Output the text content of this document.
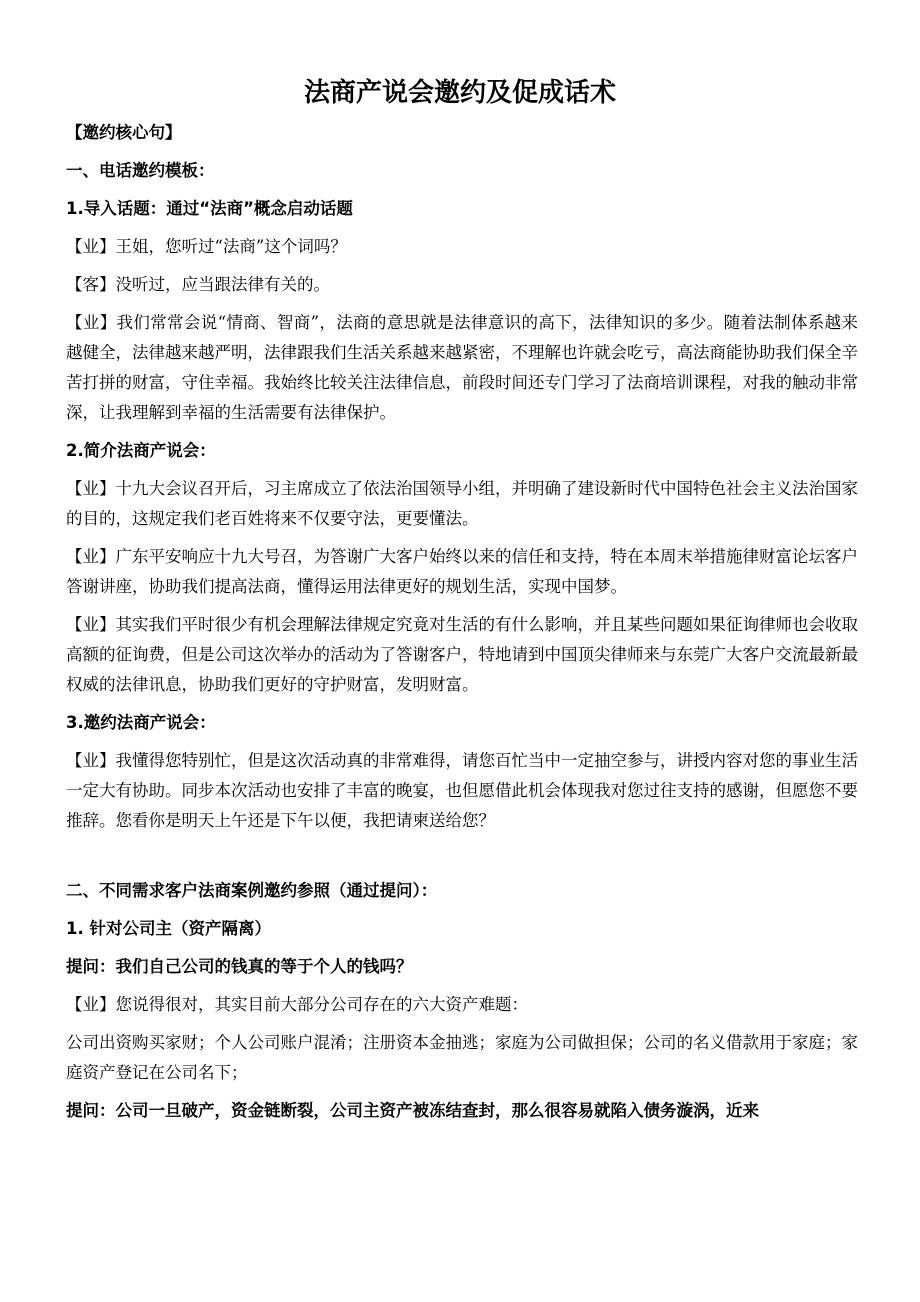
法商产说会邀约及促成话术

【邀约核心句】

一、电话邀约模板：

1.导入话题：通过“法商”概念启动话题

【业】王姐，您听过“法商”这个词吗？

【客】没听过，应当跟法律有关的。

【业】我们常常会说“情商、智商”，法商的意思就是法律意识的高下，法律知识的多少。随着法制体系越来越健全，法律越来越严明，法律跟我们生活关系越来越紧密，不理解也许就会吃亏，高法商能协助我们保全辛苦打拼的财富，守住幸福。我始终比较关注法律信息，前段时间还专门学习了法商培训课程，对我的触动非常深，让我理解到幸福的生活需要有法律保护。

2.简介法商产说会：

【业】十九大会议召开后，习主席成立了依法治国领导小组，并明确了建设新时代中国特色社会主义法治国家的目的，这规定我们老百姓将来不仅要守法，更要懂法。

【业】广东平安响应十九大号召，为答谢广大客户始终以来的信任和支持，特在本周末举措施律财富论坛客户答谢讲座，协助我们提高法商，懂得运用法律更好的规划生活，实现中国梦。

【业】其实我们平时很少有机会理解法律规定究竟对生活的有什么影响，并且某些问题如果征询律师也会收取高额的征询费，但是公司这次举办的活动为了答谢客户，特地请到中国顶尖律师来与东莞广大客户交流最新最权威的法律讯息，协助我们更好的守护财富，发明财富。

3.邀约法商产说会：

【业】我懂得您特别忙，但是这次活动真的非常难得，请您百忙当中一定抽空参与，讲授内容对您的事业生活一定大有协助。同步本次活动也安排了丰富的晚宴，也但愿借此机会体现我对您过往支持的感谢，但愿您不要推辞。您看你是明天上午还是下午以便，我把请柬送给您？

二、不同需求客户法商案例邀约参照（通过提问）：

1. 针对公司主（资产隔离）

提问：我们自己公司的钱真的等于个人的钱吗？

【业】您说得很对，其实目前大部分公司存在的六大资产难题：

公司出资购买家财；个人公司账户混淆；注册资本金抽逃；家庭为公司做担保；公司的名义借款用于家庭；家庭资产登记在公司名下；

提问：公司一旦破产，资金链断裂，公司主资产被冻结查封，那么很容易就陷入债务漩涡，近来
